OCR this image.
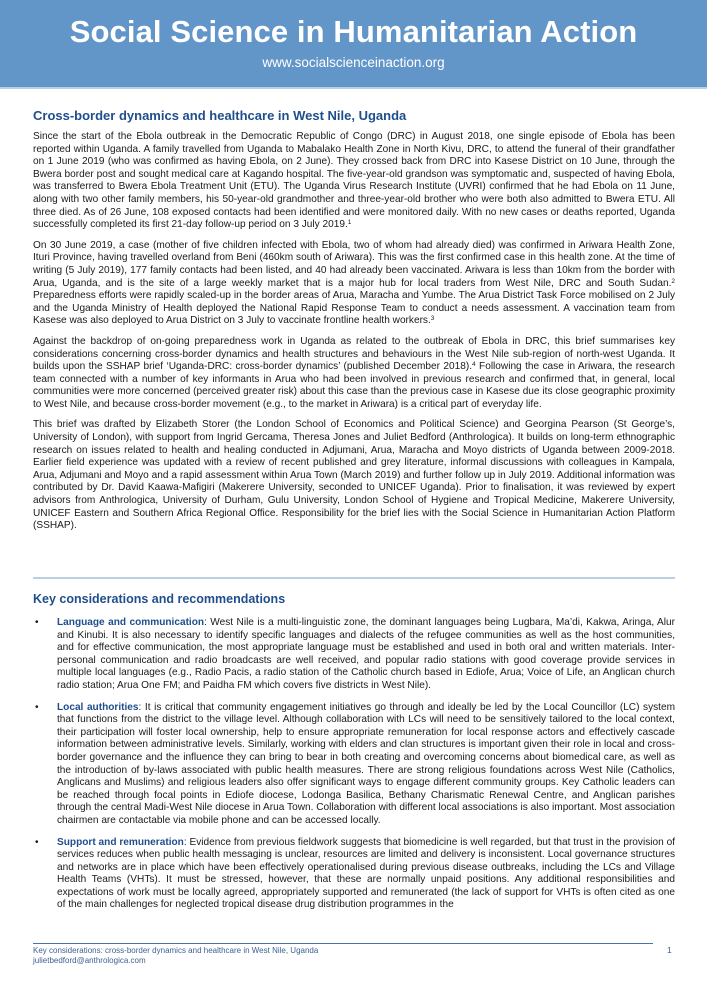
Social Science in Humanitarian Action
www.socialscienceinaction.org
Cross-border dynamics and healthcare in West Nile, Uganda

Since the start of the Ebola outbreak in the Democratic Republic of Congo (DRC) in August 2018, one single episode of Ebola has been reported within Uganda. A family travelled from Uganda to Mabalako Health Zone in North Kivu, DRC, to attend the funeral of their grandfather on 1 June 2019 (who was confirmed as having Ebola, on 2 June). They crossed back from DRC into Kasese District on 10 June, through the Bwera border post and sought medical care at Kagando hospital. The five-year-old grandson was symptomatic and, suspected of having Ebola, was transferred to Bwera Ebola Treatment Unit (ETU). The Uganda Virus Research Institute (UVRI) confirmed that he had Ebola on 11 June, along with two other family members, his 50-year-old grandmother and three-year-old brother who were both also admitted to Bwera ETU. All three died. As of 26 June, 108 exposed contacts had been identified and were monitored daily. With no new cases or deaths reported, Uganda successfully completed its first 21-day follow-up period on 3 July 2019.$^1$

On 30 June 2019, a case (mother of five children infected with Ebola, two of whom had already died) was confirmed in Ariwara Health Zone, Ituri Province, having travelled overland from Beni (460km south of Ariwara). This was the first confirmed case in this health zone. At the time of writing (5 July 2019), 177 family contacts had been listed, and 40 had already been vaccinated. Ariwara is less than 10km from the border with Arua, Uganda, and is the site of a large weekly market that is a major hub for local traders from West Nile, DRC and South Sudan.$^2$ Preparedness efforts were rapidly scaled-up in the border areas of Arua, Maracha and Yumbe. The Arua District Task Force mobilised on 2 July and the Uganda Ministry of Health deployed the National Rapid Response Team to conduct a needs assessment. A vaccination team from Kasese was also deployed to Arua District on 3 July to vaccinate frontline health workers.$^3$

Against the backdrop of on-going preparedness work in Uganda as related to the outbreak of Ebola in DRC, this brief summarises key considerations concerning cross-border dynamics and health structures and behaviours in the West Nile sub-region of north-west Uganda. It builds upon the SSHAP brief ‘Uganda-DRC: cross-border dynamics’ (published December 2018).$^4$ Following the case in Ariwara, the research team connected with a number of key informants in Arua who had been involved in previous research and confirmed that, in general, local communities were more concerned (perceived greater risk) about this case than the previous case in Kasese due its close geographic proximity to West Nile, and because cross-border movement (e.g., to the market in Ariwara) is a critical part of everyday life.

This brief was drafted by Elizabeth Storer (the London School of Economics and Political Science) and Georgina Pearson (St George’s, University of London), with support from Ingrid Gercama, Theresa Jones and Juliet Bedford (Anthrologica). It builds on long-term ethnographic research on issues related to health and healing conducted in Adjumani, Arua, Maracha and Moyo districts of Uganda between 2009-2018. Earlier field experience was updated with a review of recent published and grey literature, informal discussions with colleagues in Kampala, Arua, Adjumani and Moyo and a rapid assessment within Arua Town (March 2019) and further follow up in July 2019. Additional information was contributed by Dr. David Kaawa-Mafigiri (Makerere University, seconded to UNICEF Uganda). Prior to finalisation, it was reviewed by expert advisors from Anthrologica, University of Durham, Gulu University, London School of Hygiene and Tropical Medicine, Makerere University, UNICEF Eastern and Southern Africa Regional Office. Responsibility for the brief lies with the Social Science in Humanitarian Action Platform (SSHAP).

Key considerations and recommendations
•	Language and communication: West Nile is a multi-linguistic zone, the dominant languages being Lugbara, Ma’di, Kakwa, Aringa, Alur and Kinubi. It is also necessary to identify specific languages and dialects of the refugee communities as well as the host communities, and for effective communication, the most appropriate language must be established and used in both oral and written materials. Inter-personal communication and radio broadcasts are well received, and popular radio stations with good coverage provide services in multiple local languages (e.g., Radio Pacis, a radio station of the Catholic church based in Ediofe, Arua; Voice of Life, an Anglican church radio station; Arua One FM; and Paidha FM which covers five districts in West Nile).
•	Local authorities: It is critical that community engagement initiatives go through and ideally be led by the Local Councillor (LC) system that functions from the district to the village level. Although collaboration with LCs will need to be sensitively tailored to the local context, their participation will foster local ownership, help to ensure appropriate remuneration for local response actors and effectively cascade information between administrative levels. Similarly, working with elders and clan structures is important given their role in local and cross-border governance and the influence they can bring to bear in both creating and overcoming concerns about biomedical care, as well as the introduction of by-laws associated with public health measures. There are strong religious foundations across West Nile (Catholics, Anglicans and Muslims) and religious leaders also offer significant ways to engage different community groups. Key Catholic leaders can be reached through focal points in Ediofe diocese, Lodonga Basilica, Bethany Charismatic Renewal Centre, and Anglican parishes through the central Madi-West Nile diocese in Arua Town. Collaboration with different local associations is also important. Most association chairmen are contactable via mobile phone and can be accessed locally.
•	Support and remuneration: Evidence from previous fieldwork suggests that biomedicine is well regarded, but that trust in the provision of services reduces when public health messaging is unclear, resources are limited and delivery is inconsistent. Local governance structures and networks are in place which have been effectively operationalised during previous disease outbreaks, including the LCs and Village Health Teams (VHTs). It must be stressed, however, that these are normally unpaid positions. Any additional responsibilities and expectations of work must be locally agreed, appropriately supported and remunerated (the lack of support for VHTs is often cited as one of the main challenges for neglected tropical disease drug distribution programmes in the
Key considerations: cross-border dynamics and healthcare in West Nile, Uganda
julietbedford@anthrologica.com
1
